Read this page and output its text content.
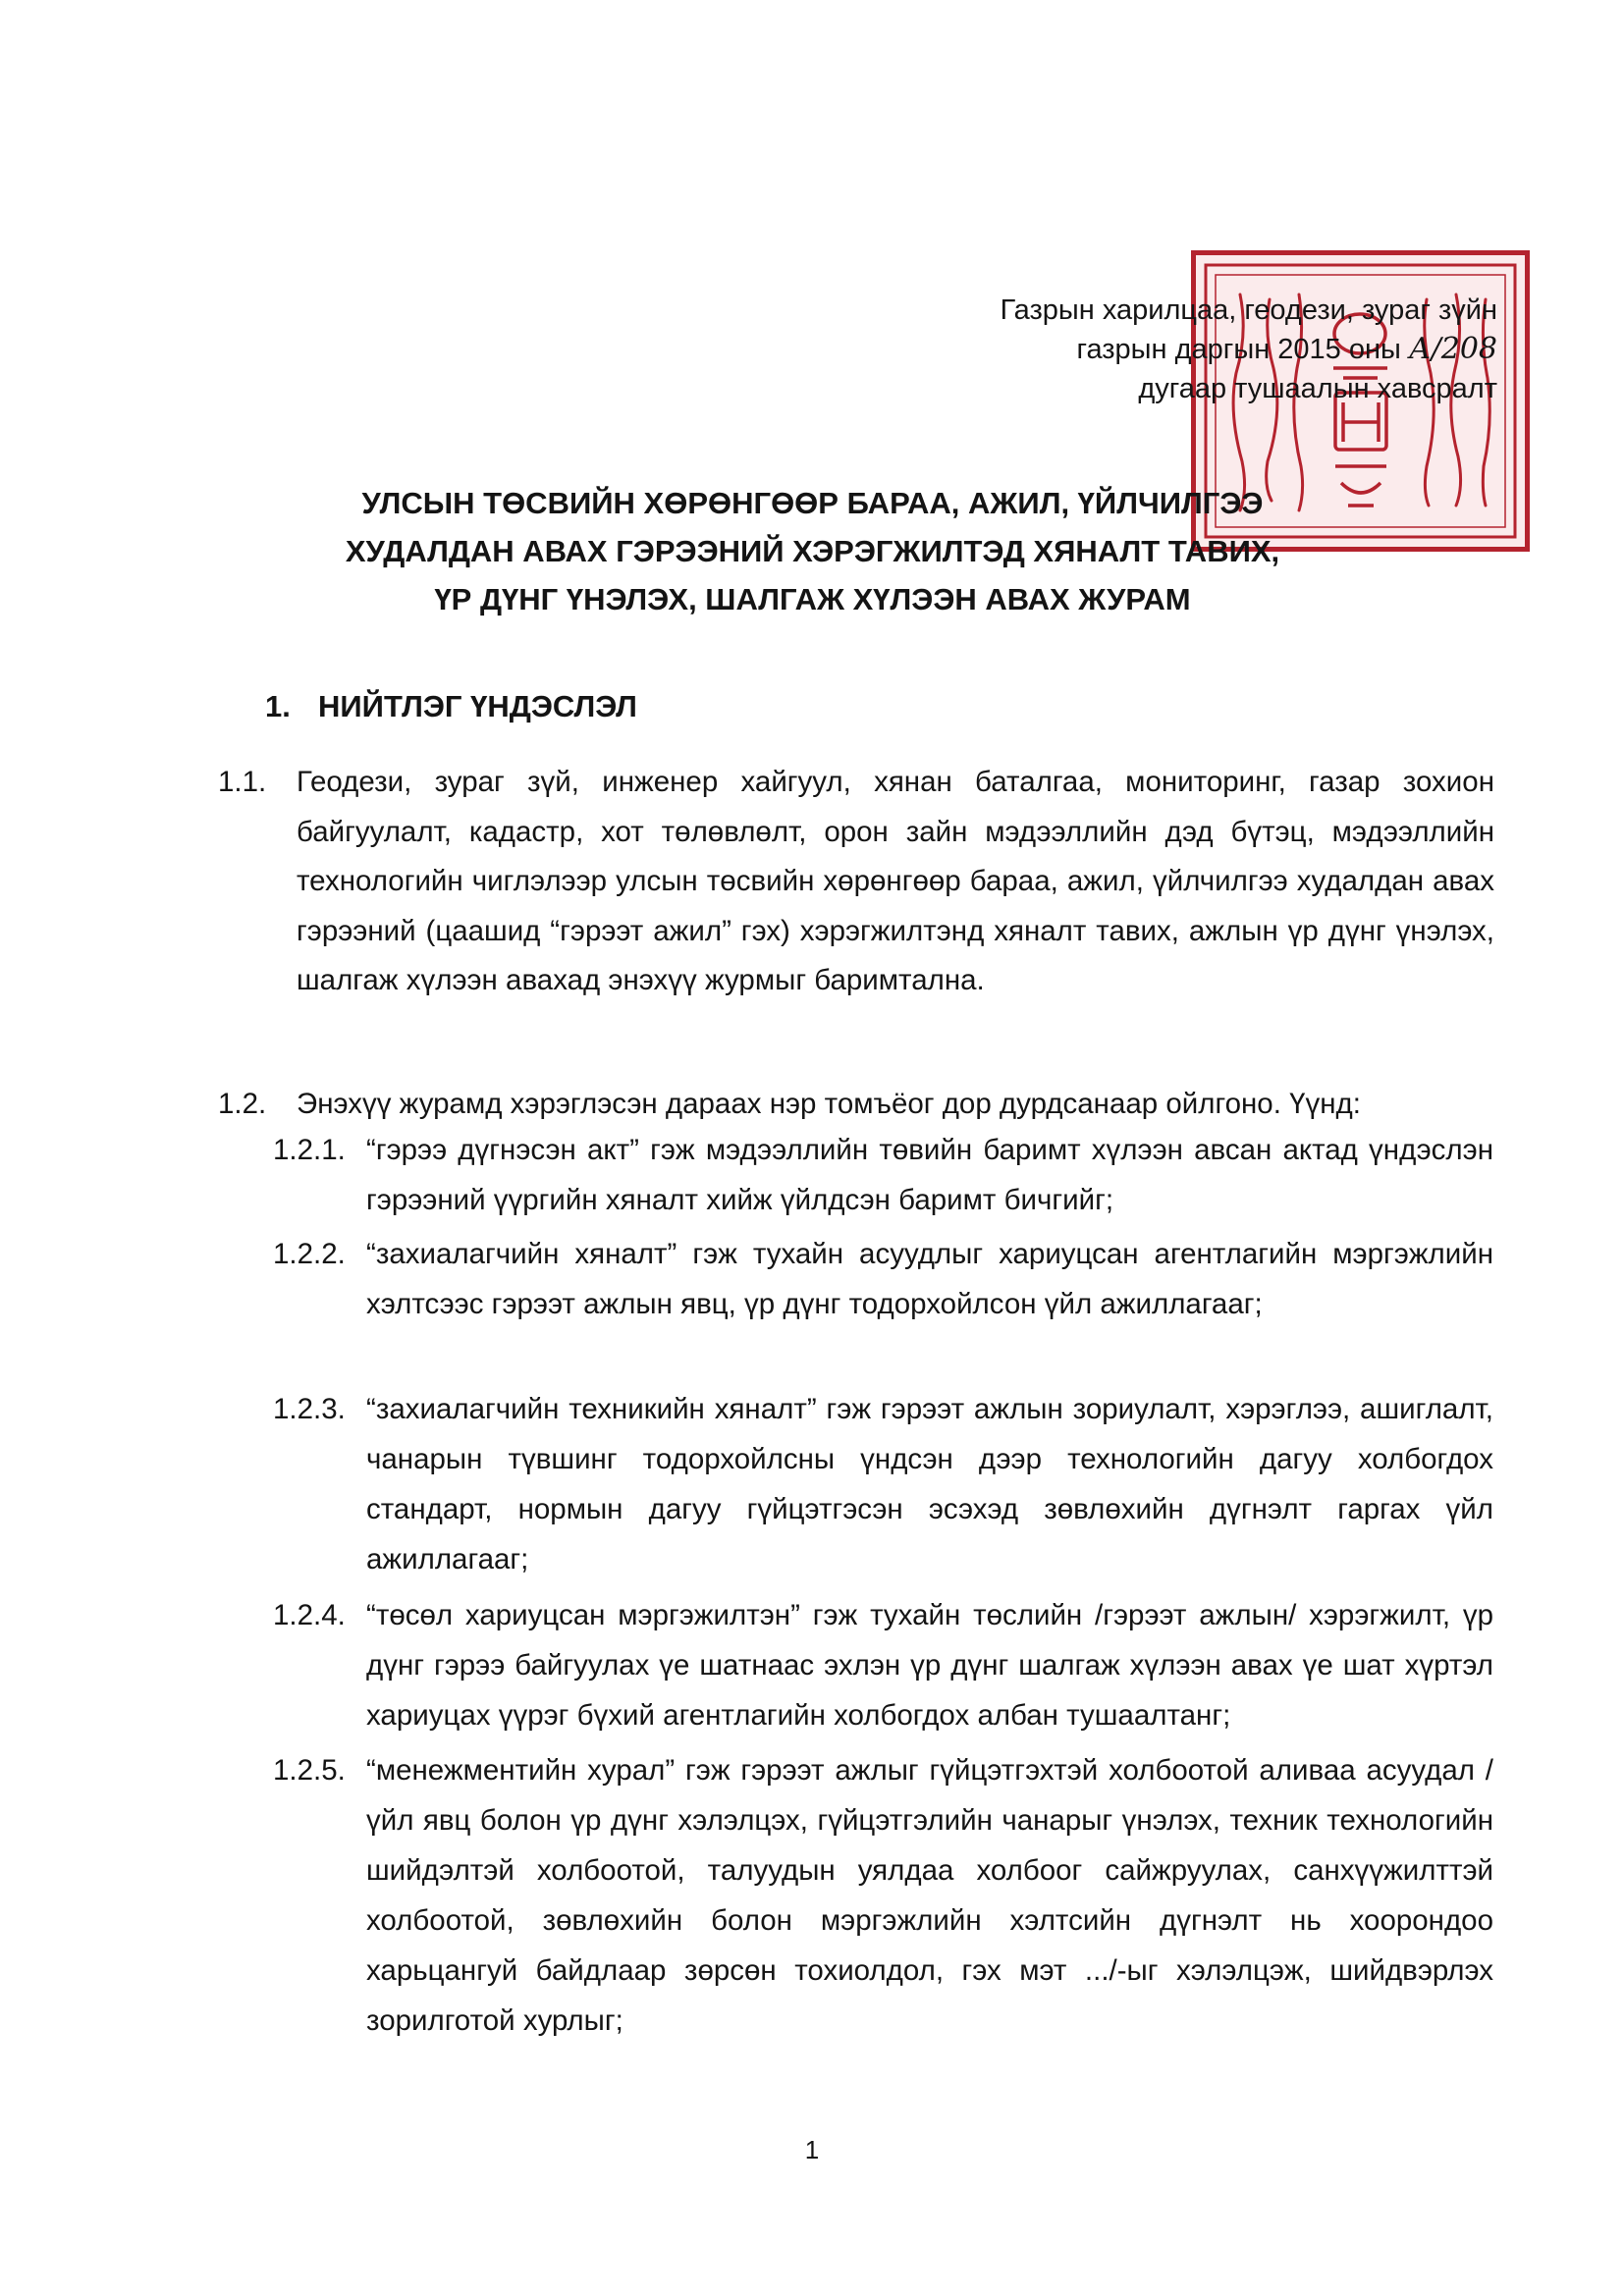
Газрын харилцаа, геодези, зураг зүйн
газрын даргын 2015 оны А/208
дугаар тушаалын хавсралт
УЛСЫН ТӨСВИЙН ХӨРӨНГӨӨР БАРАА, АЖИЛ, ҮЙЛЧИЛГЭЭ
ХУДАЛДАН АВАХ ГЭРЭЭНИЙ ХЭРЭГЖИЛТЭД ХЯНАЛТ ТАВИХ,
ҮР ДҮНГ ҮНЭЛЭХ, ШАЛГАЖ ХҮЛЭЭН АВАХ ЖУРАМ
1. НИЙТЛЭГ ҮНДЭСЛЭЛ
1.1. Геодези, зураг зүй, инженер хайгуул, хянан баталгаа, мониторинг, газар зохион байгуулалт, кадастр, хот төлөвлөлт, орон зайн мэдээллийн дэд бүтэц, мэдээллийн технологийн чиглэлээр улсын төсвийн хөрөнгөөр бараа, ажил, үйлчилгээ худалдан авах гэрээний (цаашид “гэрээт ажил” гэх) хэрэгжилтэнд хяналт тавих, ажлын үр дүнг үнэлэх, шалгаж хүлээн авахад энэхүү журмыг баримтална.
1.2. Энэхүү журамд хэрэглэсэн дараах нэр томъёог дор дурдсанаар ойлгоно. Үүнд:
1.2.1. “гэрээ дүгнэсэн акт” гэж мэдээллийн төвийн баримт хүлээн авсан актад үндэслэн гэрээний үүргийн хяналт хийж үйлдсэн баримт бичгийг;
1.2.2. “захиалагчийн хяналт” гэж тухайн асуудлыг хариуцсан агентлагийн мэргэжлийн хэлтсээс гэрээт ажлын явц, үр дүнг тодорхойлсон үйл ажиллагааг;
1.2.3. “захиалагчийн техникийн хяналт” гэж гэрээт ажлын зориулалт, хэрэглээ, ашиглалт, чанарын түвшинг тодорхойлсны үндсэн дээр технологийн дагуу холбогдох стандарт, нормын дагуу гүйцэтгэсэн эсэхэд зөвлөхийн дүгнэлт гаргах үйл ажиллагааг;
1.2.4. “төсөл хариуцсан мэргэжилтэн” гэж тухайн төслийн /гэрээт ажлын/ хэрэгжилт, үр дүнг гэрээ байгуулах үе шатнаас эхлэн үр дүнг шалгаж хүлээн авах үе шат хүртэл хариуцах үүрэг бүхий агентлагийн холбогдох албан тушаалтанг;
1.2.5. “менежментийн хурал” гэж гэрээт ажлыг гүйцэтгэхтэй холбоотой аливаа асуудал /үйл явц болон үр дүнг хэлэлцэх, гүйцэтгэлийн чанарыг үнэлэх, техник технологийн шийдэлтэй холбоотой, талуудын уялдаа холбоог сайжруулах, санхүүжилттэй холбоотой, зөвлөхийн болон мэргэжлийн хэлтсийн дүгнэлт нь хоорондоо харьцангуй байдлаар зөрсөн тохиолдол, гэх мэт .../-ыг хэлэлцэж, шийдвэрлэх зорилготой хурлыг;
1
